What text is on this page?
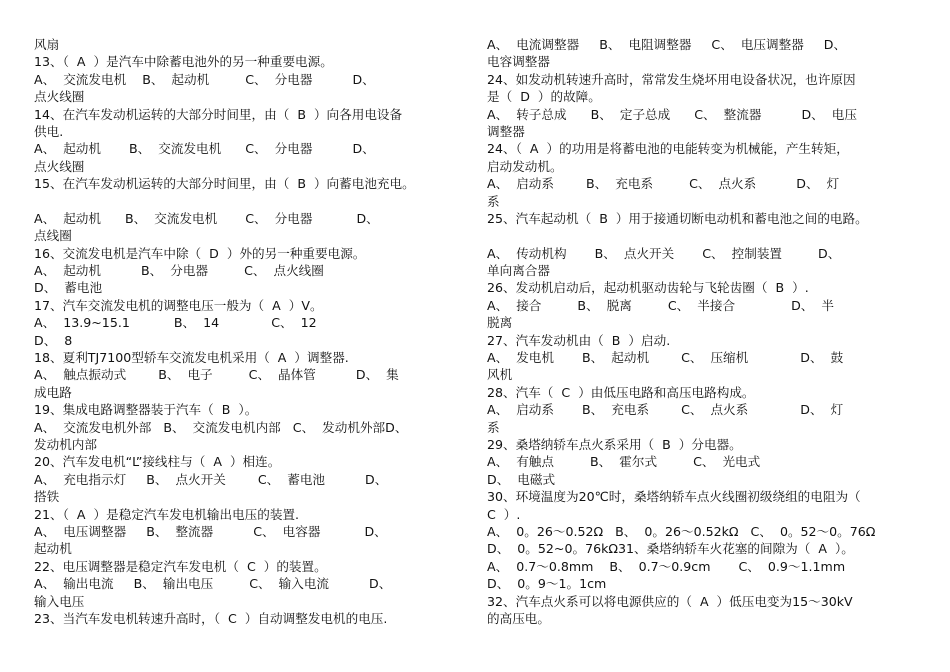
风扇
13、（  A  ）是汽车中除蓄电池外的另一种重要电源。
A、  交流发电机    B、  起动机         C、  分电器          D、
点火线圈
14、在汽车发动机运转的大部分时间里，由（  B  ）向各用电设备
供电.
A、  起动机       B、  交流发电机      C、  分电器          D、
点火线圈
15、在汽车发动机运转的大部分时间里，由（  B  ）向蓄电池充电。
A、  起动机      B、  交流发电机       C、  分电器           D、
点线圈
16、交流发电机是汽车中除（  D  ）外的另一种重要电源。
A、  起动机          B、  分电器         C、  点火线圈
D、  蓄电池
17、汽车交流发电机的调整电压一般为（  A  ）V。
A、  13.9~15.1           B、  14             C、  12
D、  8
18、夏利TJ7100型轿车交流发电机采用（  A  ）调整器.
A、  触点振动式        B、  电子         C、  晶体管          D、  集
成电路
19、集成电路调整器装于汽车（  B  ）。
A、  交流发电机外部   B、  交流发电机内部   C、  发动机外部D、
发动机内部
20、汽车发电机“L”接线柱与（  A  ）相连。
A、  充电指示灯     B、  点火开关        C、  蓄电池          D、
搭铁
21、（  A  ）是稳定汽车发电机输出电压的装置.
A、  电压调整器     B、  整流器          C、  电容器           D、
起动机
22、电压调整器是稳定汽车发电机（  C  ）的装置。
A、  输出电流     B、  输出电压         C、  输入电流          D、
输入电压
23、当汽车发电机转速升高时，（  C  ）自动调整发电机的电压.
A、  电流调整器     B、  电阻调整器     C、  电压调整器     D、
电容调整器
24、如发动机转速升高时，常常发生烧坏用电设备状况，也许原因
是（  D  ）的故障。
A、  转子总成      B、  定子总成      C、  整流器          D、  电压
调整器
24、（  A  ）的功用是将蓄电池的电能转变为机械能，产生转矩，
启动发动机。
A、  启动系        B、  充电系         C、  点火系          D、  灯
系
25、汽车起动机（  B  ）用于接通切断电动机和蓄电池之间的电路。
A、  传动机构       B、  点火开关       C、  控制装置         D、
单向离合器
26、发动机启动后，起动机驱动齿轮与飞轮齿圈（  B  ）.
A、  接合         B、  脱离         C、  半接合              D、  半
脱离
27、汽车发动机由（  B  ）启动.
A、  发电机       B、  起动机        C、  压缩机             D、  鼓
风机
28、汽车（  C  ）由低压电路和高压电路构成。
A、  启动系       B、  充电系        C、  点火系             D、  灯
系
29、桑塔纳轿车点火系采用（  B  ）分电器。
A、  有触点         B、  霍尔式         C、  光电式
D、  电磁式
30、环境温度为20℃时，桑塔纳轿车点火线圈初级绕组的电阻为（
C  ）.
A、  0。26～0.52Ω   B、  0。26～0.52kΩ   C、  0。52～0。76Ω
D、  0。52~0。76kΩ31、桑塔纳轿车火花塞的间隙为（  A  ）。
A、  0.7～0.8mm    B、  0.7～0.9cm       C、  0.9～1.1mm
D、  0。9～1。1cm
32、汽车点火系可以将电源供应的（  A  ）低压电变为15～30kV
的高压电。
